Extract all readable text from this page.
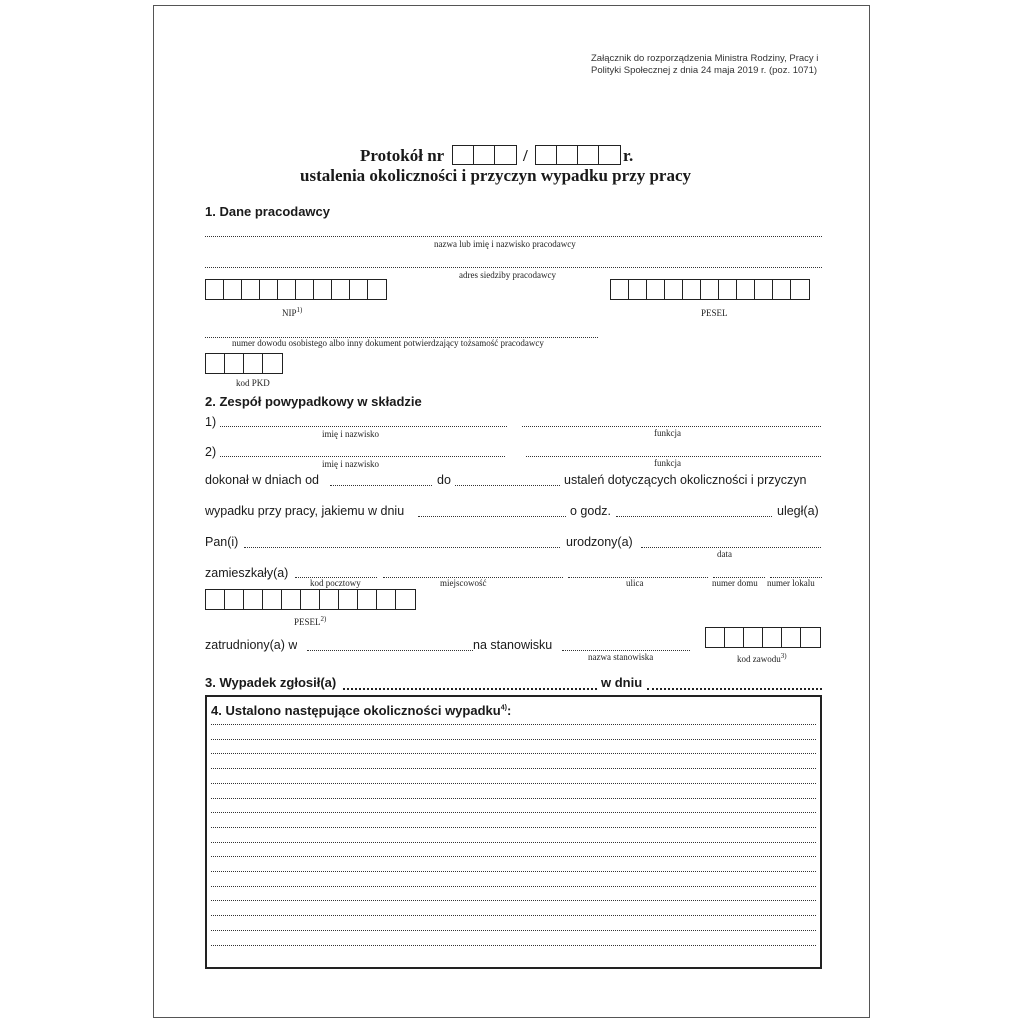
Załącznik do rozporządzenia Ministra Rodziny, Pracy i
Polityki Społecznej z dnia 24 maja 2019 r. (poz. 1071)
Protokół nr	/	r.
ustalenia okoliczności i przyczyn wypadku przy pracy
1. Dane pracodawcy
nazwa lub imię i nazwisko pracodawcy
adres siedziby pracodawcy
NIP$^{1)}$	PESEL
numer dowodu osobistego albo inny dokument potwierdzający tożsamość pracodawcy
kod PKD
2. Zespół powypadkowy w składzie
1)
imię i nazwisko	funkcja
2)
imię i nazwisko	funkcja
dokonał w dniach od	do	ustaleń dotyczących okoliczności i przyczyn
wypadku przy pracy, jakiemu w dniu	o godz.	uległ(a)
Pan(i)	urodzony(a)
data
zamieszkały(a)
kod pocztowy	miejscowość	ulica	numer domu numer lokalu
PESEL$^{2)}$
zatrudniony(a) w	na stanowisku
nazwa stanowiska	kod zawodu$^{3)}$
3. Wypadek zgłosił(a)	w dniu
4. Ustalono następujące okoliczności wypadku$^{4)}$:
